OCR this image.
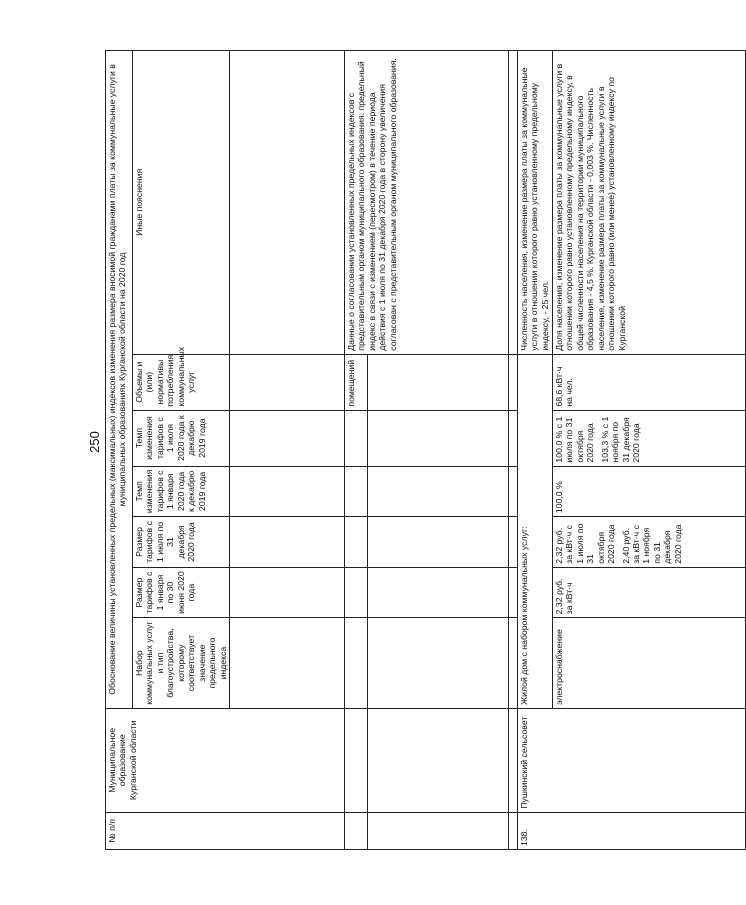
250
№ п/п	Муниципальное образование Курганской области	Обоснование величины установленных предельных (максимальных) индексов изменения размера вносимой гражданами платы за коммунальные услуги в муниципальных образованиях Курганской области на 2020 год						
		Набор коммунальных услуг и тип благоустройства, которому соответствует значение предельного индекса	Размер тарифов с 1 января по 30 июня 2020 года	Размер тарифов с 1 июля по 31 декабря 2020 года	Темп изменения тарифов с 1 января 2020 года к декабрю 2019 года	Темп изменения тарифов с 1 июля 2020 года к декабрю 2019 года	Объемы и (или) нормативы потребления коммунальных услуг	Иные пояснения

							помещений	Данные о согласовании установленных предельных индексов с представительным органом муниципального образования: предельный индекс в связи с изменением (пересмотром) в течение периода действия с 1 июля по 31 декабря 2020 года в сторону увеличения согласован с представительным органом муниципального образования.

138.	Пушкинский сельсовет	Жилой дом с набором коммунальных услуг:						Численность населения, изменение размера платы за коммунальные услуги в отношении которого равно установленному предельному индексу, - 25 чел.
		электроснабжение	2,32 руб. за кВт·ч	2,32 руб. за кВт·ч с 1 июля по 31 октября 2020 года 2,40 руб. за кВт·ч с 1 ноября по 31 декабря 2020 года	100,0 %	100,0 % с 1 июля по 31 октября 2020 года 103,3 % с 1 ноября по 31 декабря 2020 года	68,6 кВт·ч на чел.	Доля населения, изменение размера платы за коммунальные услуги в отношении которого равно установленному предельному индексу, в общей численности населения на территории муниципального образования - 4,5 %. Курганской области - 0,003 %. Численность населения, изменение размера платы за коммунальные услуги в отношении которого равно (или менее) установленному индексу по Курганской
